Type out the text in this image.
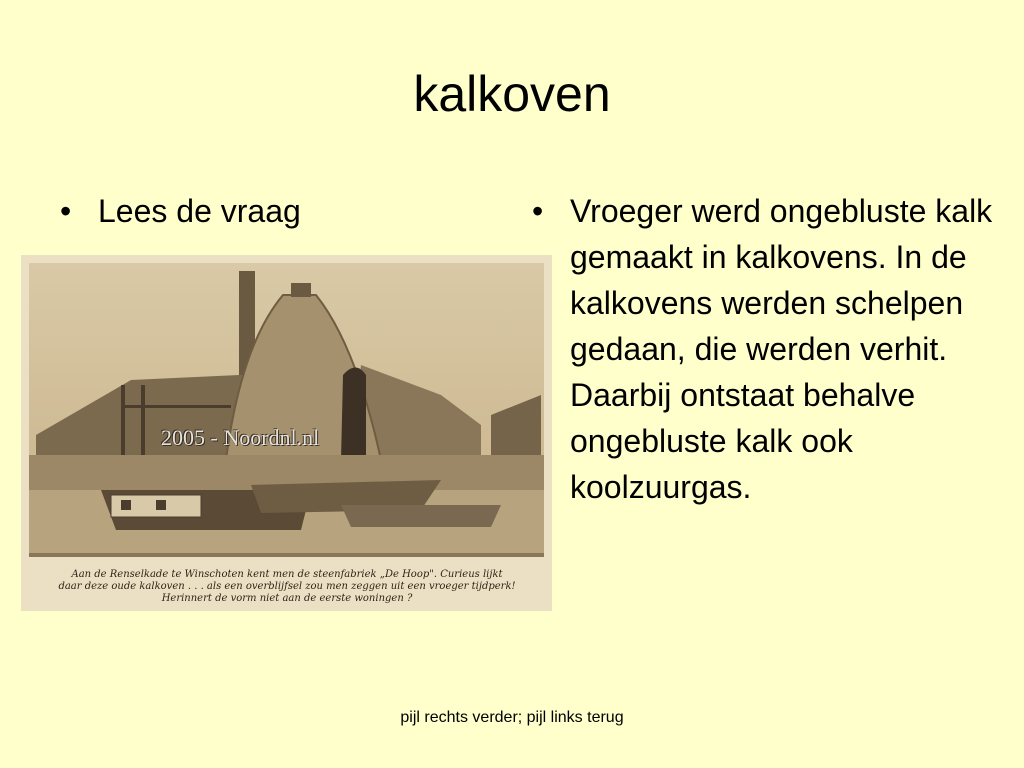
kalkoven
• Lees de vraag	• Vroeger werd ongebluste kalk gemaakt in kalkovens. In de kalkovens werden schelpen gedaan, die werden verhit. Daarbij ontstaat behalve ongebluste kalk ook koolzuurgas.
2005 - Noordnl.nl
Aan de Renselkade te Winschoten kent men de steenfabriek „De Hoop". Curieus lijkt
daar deze oude kalkoven . . . als een overblijfsel zou men zeggen uit een vroeger tijdperk!
Herinnert de vorm niet aan de eerste woningen ?
pijl rechts verder; pijl links terug
